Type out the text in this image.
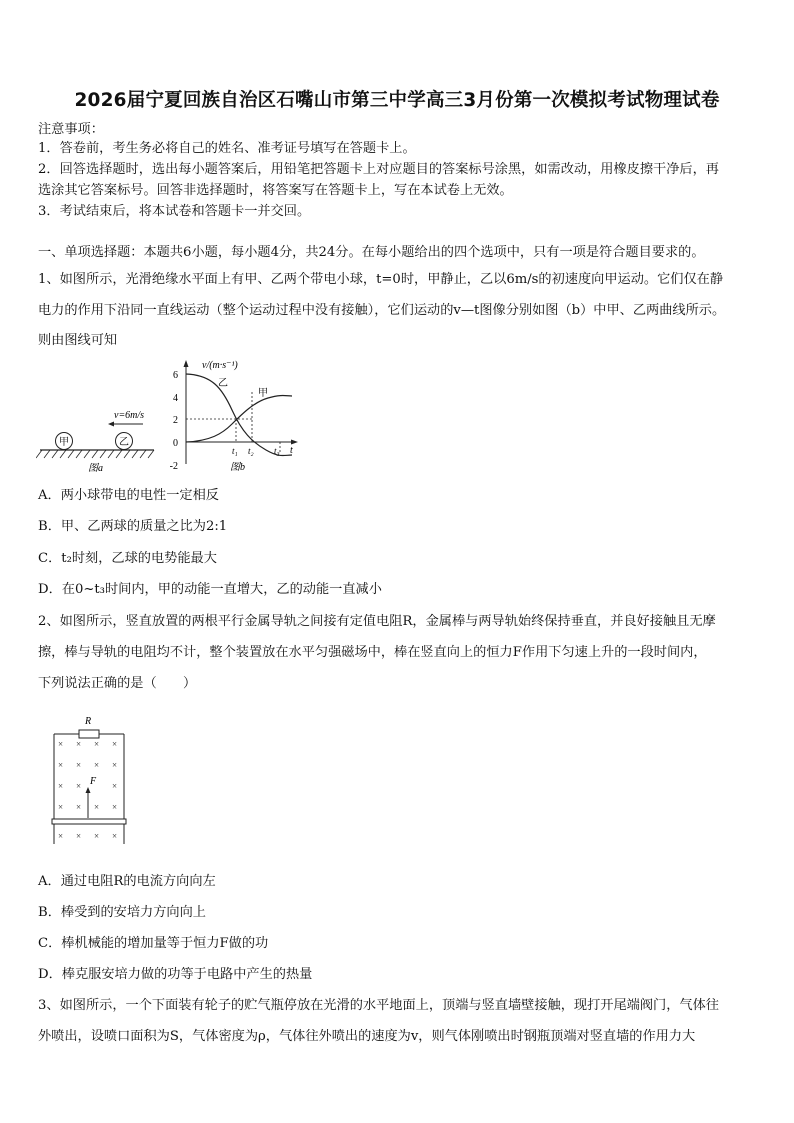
2026届宁夏回族自治区石嘴山市第三中学高三3月份第一次模拟考试物理试卷
注意事项：
1．答卷前，考生务必将自己的姓名、准考证号填写在答题卡上。
2．回答选择题时，选出每小题答案后，用铅笔把答题卡上对应题目的答案标号涂黑，如需改动，用橡皮擦干净后，再
选涂其它答案标号。回答非选择题时，将答案写在答题卡上，写在本试卷上无效。
3．考试结束后，将本试卷和答题卡一并交回。
一、单项选择题：本题共6小题，每小题4分，共24分。在每小题给出的四个选项中，只有一项是符合题目要求的。
1、如图所示，光滑绝缘水平面上有甲、乙两个带电小球，t=0时，甲静止，乙以6m/s的初速度向甲运动。它们仅在静
电力的作用下沿同一直线运动（整个运动过程中没有接触），它们运动的v—t图像分别如图（b）中甲、乙两曲线所示。
则由图线可知
甲	乙
v=6m/s
图a
v/(m·s⁻¹)
6
4
2
0
-2
乙
甲
t₁ t₂ t₃ t
图b
A．两小球带电的电性一定相反
B．甲、乙两球的质量之比为2:1
C．t₂时刻，乙球的电势能最大
D．在0~t₃时间内，甲的动能一直增大，乙的动能一直减小
2、如图所示，竖直放置的两根平行金属导轨之间接有定值电阻R，金属棒与两导轨始终保持垂直，并良好接触且无摩
擦，棒与导轨的电阻均不计，整个装置放在水平匀强磁场中，棒在竖直向上的恒力F作用下匀速上升的一段时间内，
下列说法正确的是（　　）
R
F
× × × ×
× × × ×
× ×	×
× × × ×
× × × ×
A．通过电阻R的电流方向向左
B．棒受到的安培力方向向上
C．棒机械能的增加量等于恒力F做的功
D．棒克服安培力做的功等于电路中产生的热量
3、如图所示，一个下面装有轮子的贮气瓶停放在光滑的水平地面上，顶端与竖直墙壁接触，现打开尾端阀门，气体往
外喷出，设喷口面积为S，气体密度为ρ，气体往外喷出的速度为v，则气体刚喷出时钢瓶顶端对竖直墙的作用力大
